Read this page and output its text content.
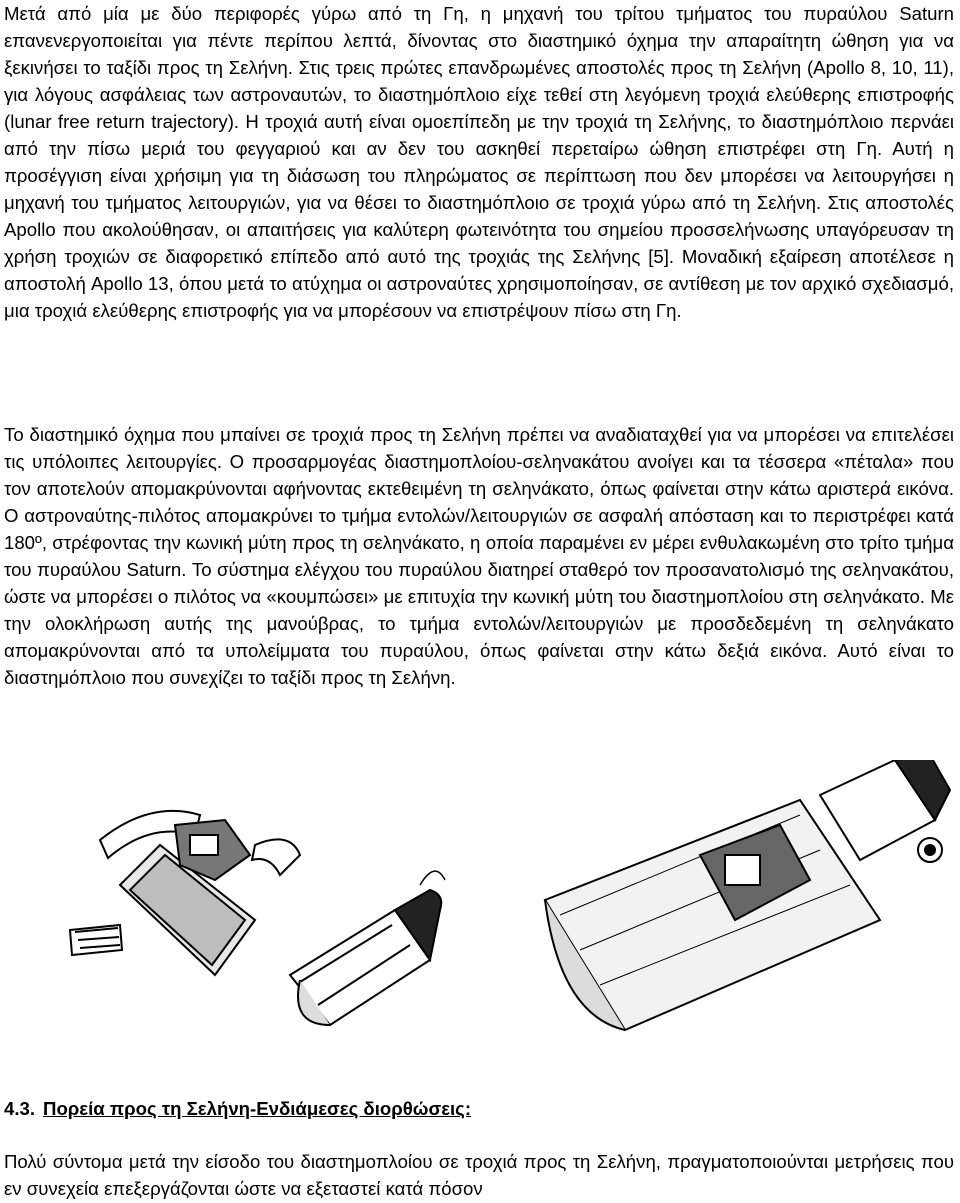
Μετά από μία με δύο περιφορές γύρω από τη Γη, η μηχανή του τρίτου τμήματος του πυραύλου Saturn επανενεργοποιείται για πέντε περίπου λεπτά, δίνοντας στο διαστημικό όχημα την απαραίτητη ώθηση για να ξεκινήσει το ταξίδι προς τη Σελήνη. Στις τρεις πρώτες επανδρωμένες αποστολές προς τη Σελήνη (Apollo 8, 10, 11), για λόγους ασφάλειας των αστροναυτών, το διαστημόπλοιο είχε τεθεί στη λεγόμενη τροχιά ελεύθερης επιστροφής (lunar free return trajectory). Η τροχιά αυτή είναι ομοεπίπεδη με την τροχιά τη Σελήνης, το διαστημόπλοιο περνάει από την πίσω μεριά του φεγγαριού και αν δεν του ασκηθεί περεταίρω ώθηση επιστρέφει στη Γη. Αυτή η προσέγγιση είναι χρήσιμη για τη διάσωση του πληρώματος σε περίπτωση που δεν μπορέσει να λειτουργήσει η μηχανή του τμήματος λειτουργιών, για να θέσει το διαστημόπλοιο σε τροχιά γύρω από τη Σελήνη. Στις αποστολές Apollo που ακολούθησαν, οι απαιτήσεις για καλύτερη φωτεινότητα του σημείου προσσελήνωσης υπαγόρευσαν τη χρήση τροχιών σε διαφορετικό επίπεδο από αυτό της τροχιάς της Σελήνης [5]. Μοναδική εξαίρεση αποτέλεσε η αποστολή Apollo 13, όπου μετά το ατύχημα οι αστροναύτες χρησιμοποίησαν, σε αντίθεση με τον αρχικό σχεδιασμό, μια τροχιά ελεύθερης επιστροφής για να μπορέσουν να επιστρέψουν πίσω στη Γη.

Το διαστημικό όχημα που μπαίνει σε τροχιά προς τη Σελήνη πρέπει να αναδιαταχθεί για να μπορέσει να επιτελέσει τις υπόλοιπες λειτουργίες. Ο προσαρμογέας διαστημοπλοίου-σεληνακάτου ανοίγει και τα τέσσερα «πέταλα» που τον αποτελούν απομακρύνονται αφήνοντας εκτεθειμένη τη σεληνάκατο, όπως φαίνεται στην κάτω αριστερά εικόνα. Ο αστροναύτης-πιλότος απομακρύνει το τμήμα εντολών/λειτουργιών σε ασφαλή απόσταση και το περιστρέφει κατά 180º, στρέφοντας την κωνική μύτη προς τη σεληνάκατο, η οποία παραμένει εν μέρει ενθυλακωμένη στο τρίτο τμήμα του πυραύλου Saturn. Το σύστημα ελέγχου του πυραύλου διατηρεί σταθερό τον προσανατολισμό της σεληνακάτου, ώστε να μπορέσει ο πιλότος να «κουμπώσει» με επιτυχία την κωνική μύτη του διαστημοπλοίου στη σεληνάκατο. Με την ολοκλήρωση αυτής της μανούβρας, το τμήμα εντολών/λειτουργιών με προσδεδεμένη τη σεληνάκατο απομακρύνονται από τα υπολείμματα του πυραύλου, όπως φαίνεται στην κάτω δεξιά εικόνα. Αυτό είναι το διαστημόπλοιο που συνεχίζει το ταξίδι προς τη Σελήνη.

4.3. Πορεία προς τη Σελήνη-Ενδιάμεσες διορθώσεις:

Πολύ σύντομα μετά την είσοδο του διαστημοπλοίου σε τροχιά προς τη Σελήνη, πραγματοποιούνται μετρήσεις που εν συνεχεία επεξεργάζονται ώστε να εξεταστεί κατά πόσον
